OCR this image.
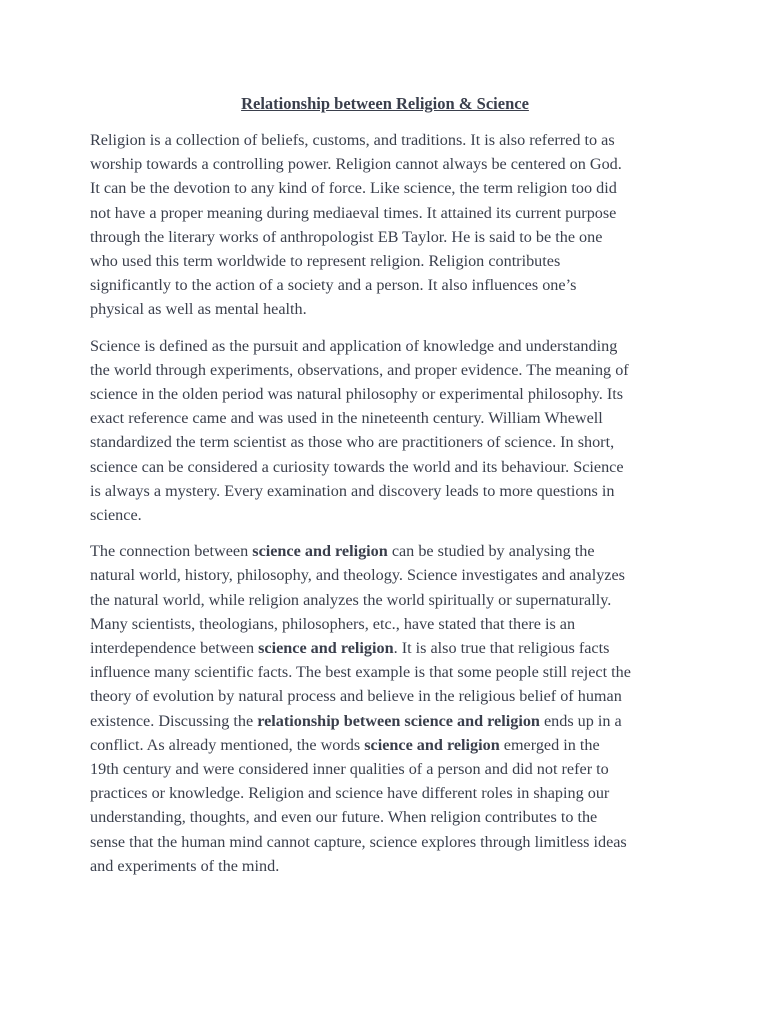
Relationship between Religion & Science
Religion is a collection of beliefs, customs, and traditions. It is also referred to as
worship towards a controlling power. Religion cannot always be centered on God.
It can be the devotion to any kind of force. Like science, the term religion too did
not have a proper meaning during mediaeval times. It attained its current purpose
through the literary works of anthropologist EB Taylor. He is said to be the one
who used this term worldwide to represent religion. Religion contributes
significantly to the action of a society and a person. It also influences one’s
physical as well as mental health.
Science is defined as the pursuit and application of knowledge and understanding
the world through experiments, observations, and proper evidence. The meaning of
science in the olden period was natural philosophy or experimental philosophy. Its
exact reference came and was used in the nineteenth century. William Whewell
standardized the term scientist as those who are practitioners of science. In short,
science can be considered a curiosity towards the world and its behaviour. Science
is always a mystery. Every examination and discovery leads to more questions in
science.
The connection between science and religion can be studied by analysing the
natural world, history, philosophy, and theology. Science investigates and analyzes
the natural world, while religion analyzes the world spiritually or supernaturally.
Many scientists, theologians, philosophers, etc., have stated that there is an
interdependence between science and religion. It is also true that religious facts
influence many scientific facts. The best example is that some people still reject the
theory of evolution by natural process and believe in the religious belief of human
existence. Discussing the relationship between science and religion ends up in a
conflict. As already mentioned, the words science and religion emerged in the
19th century and were considered inner qualities of a person and did not refer to
practices or knowledge. Religion and science have different roles in shaping our
understanding, thoughts, and even our future. When religion contributes to the
sense that the human mind cannot capture, science explores through limitless ideas
and experiments of the mind.
